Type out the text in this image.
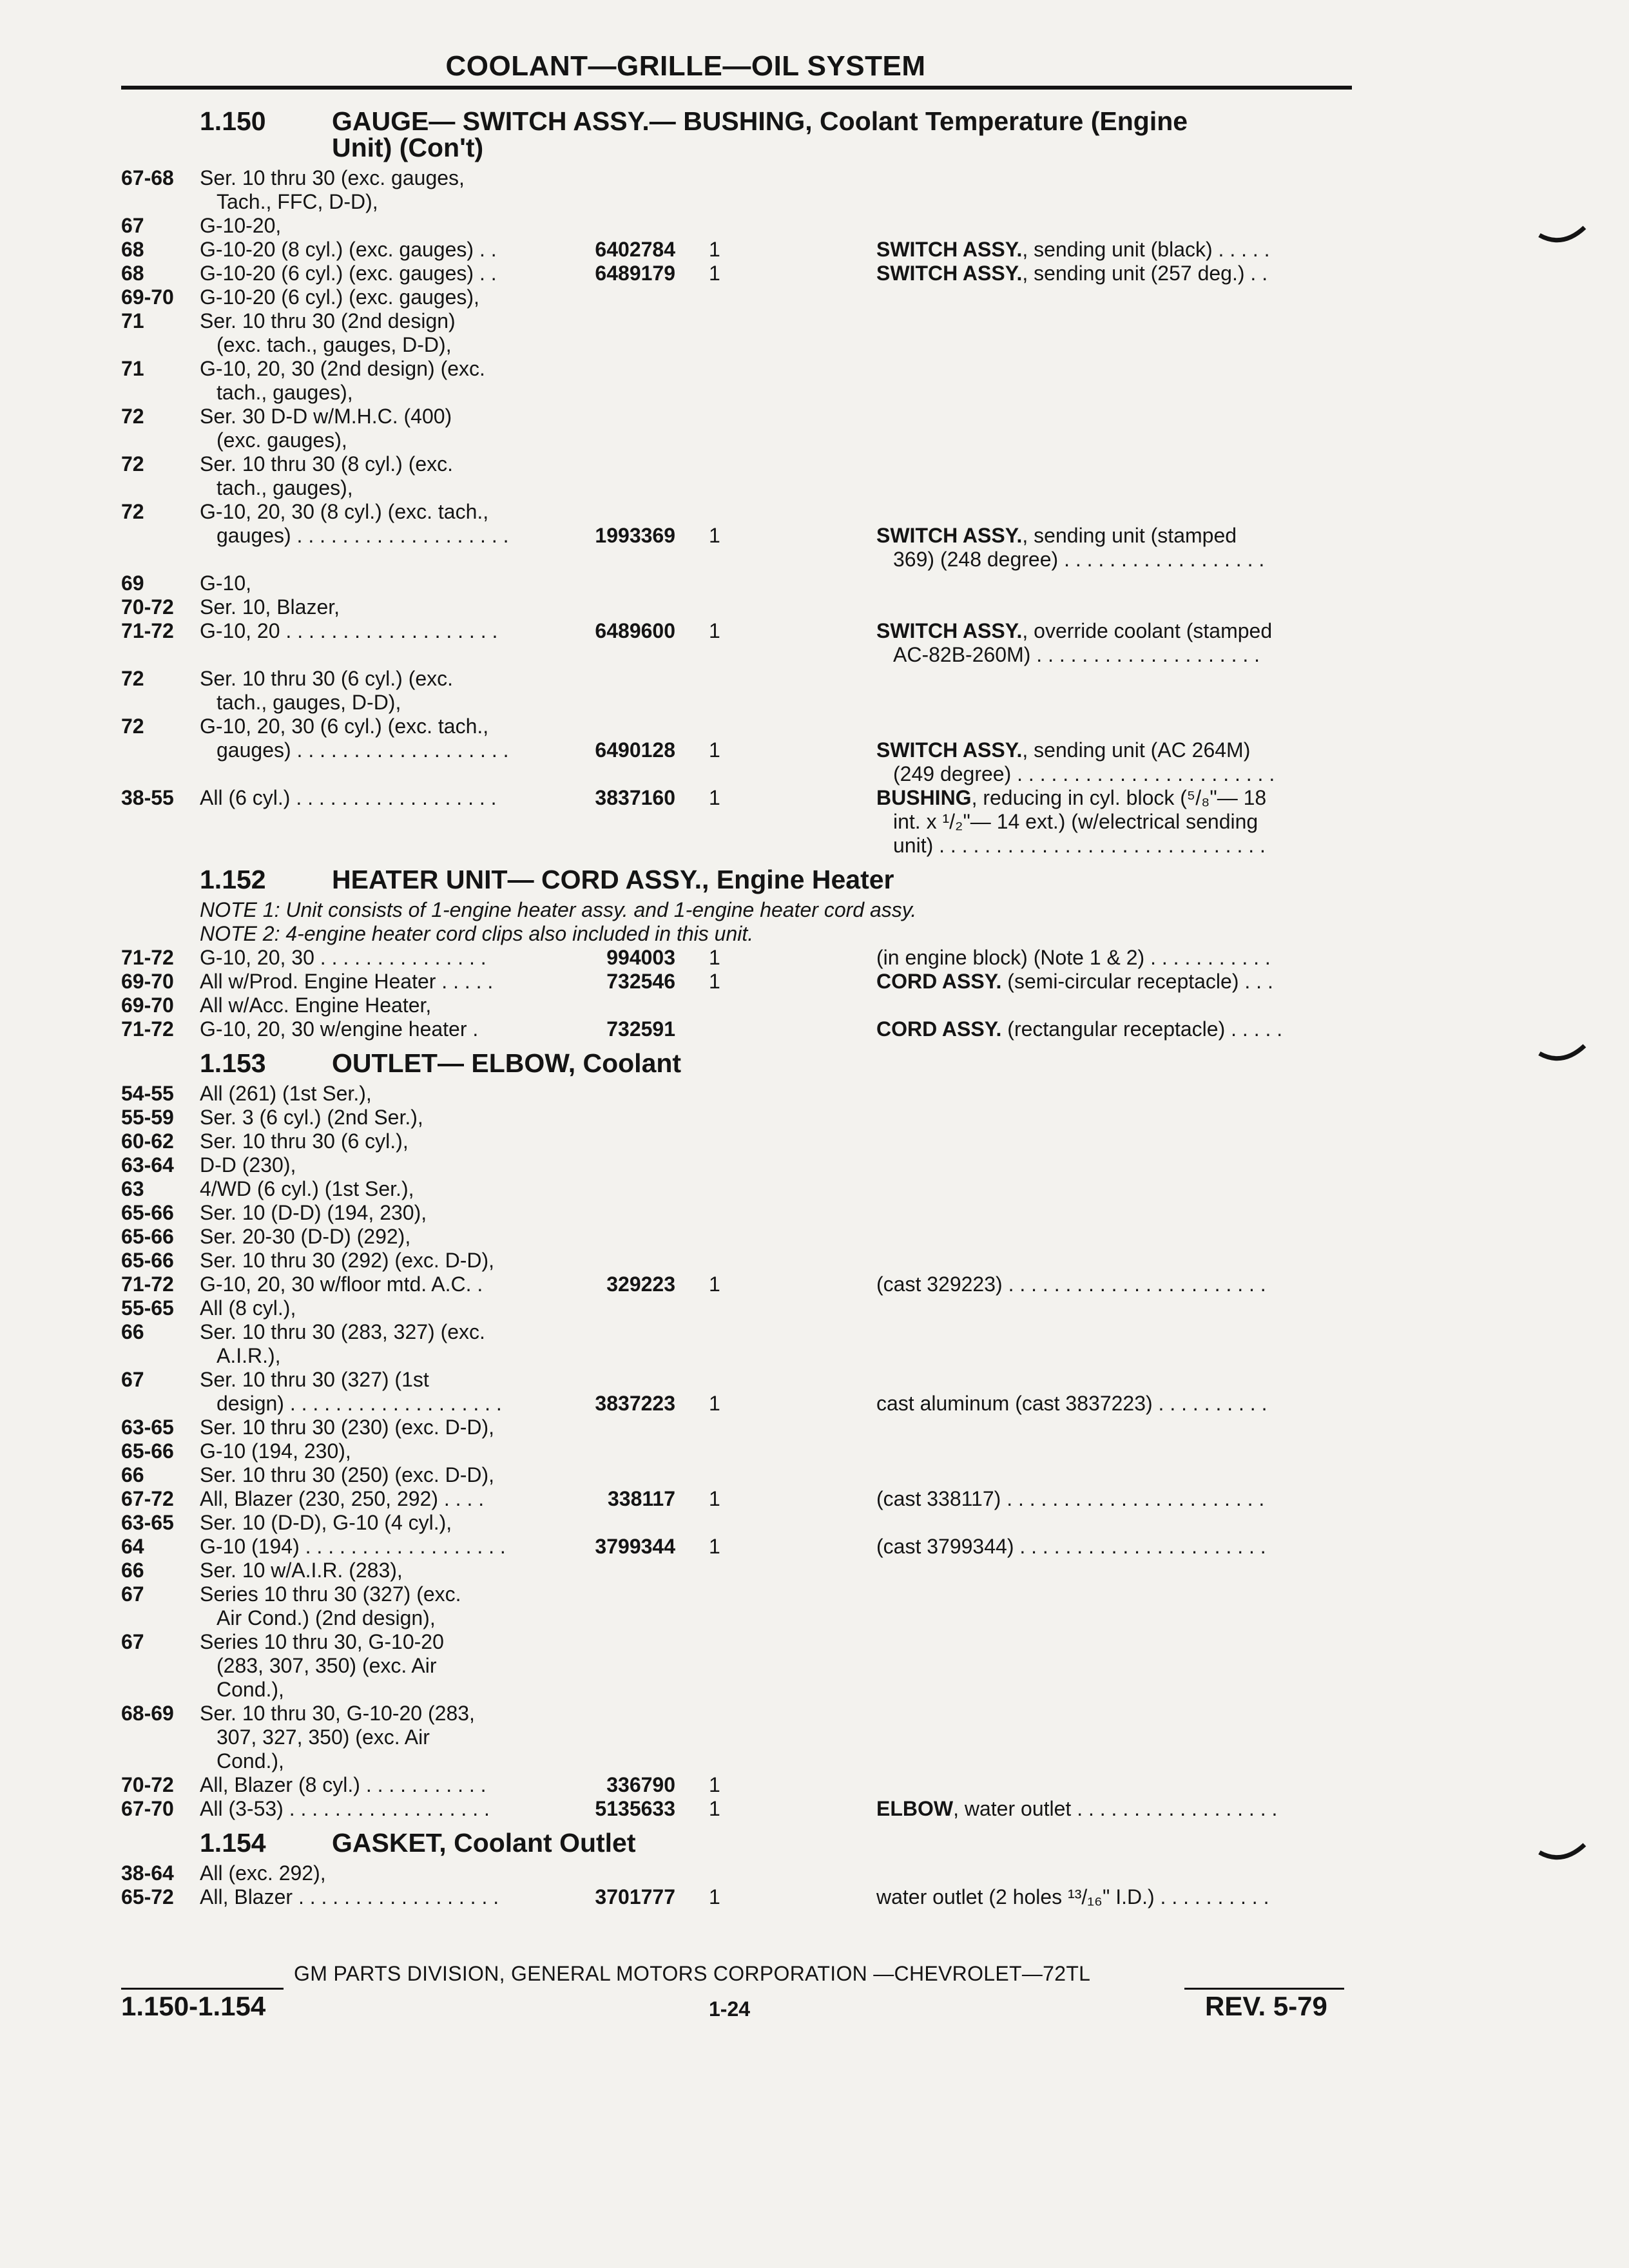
COOLANT—GRILLE—OIL SYSTEM
1.150 GAUGE— SWITCH ASSY.— BUSHING, Coolant Temperature (Engine
Unit) (Con't)
67-68 Ser. 10 thru 30 (exc. gauges,
Tach., FFC, D-D),
67	G-10-20,
68	G-10-20 (8 cyl.) (exc. gauges) . .	6402784 1	SWITCH ASSY., sending unit (black) . . . . .
68	G-10-20 (6 cyl.) (exc. gauges) . .	6489179 1	SWITCH ASSY., sending unit (257 deg.) . .
69-70 G-10-20 (6 cyl.) (exc. gauges),
71	Ser. 10 thru 30 (2nd design)
(exc. tach., gauges, D-D),
71	G-10, 20, 30 (2nd design) (exc.
tach., gauges),
72	Ser. 30 D-D w/M.H.C. (400)
(exc. gauges),
72	Ser. 10 thru 30 (8 cyl.) (exc.
tach., gauges),
72	G-10, 20, 30 (8 cyl.) (exc. tach.,
gauges) . . . . . . . . . . . . . . . . . . .	1993369 1	SWITCH ASSY., sending unit (stamped
369) (248 degree) . . . . . . . . . . . . . . . . . .
69	G-10,
70-72 Ser. 10, Blazer,
71-72 G-10, 20 . . . . . . . . . . . . . . . . . . .	6489600 1	SWITCH ASSY., override coolant (stamped
AC-82B-260M) . . . . . . . . . . . . . . . . . . . .
72	Ser. 10 thru 30 (6 cyl.) (exc.
tach., gauges, D-D),
72	G-10, 20, 30 (6 cyl.) (exc. tach.,
gauges) . . . . . . . . . . . . . . . . . . .	6490128 1	SWITCH ASSY., sending unit (AC 264M)
(249 degree) . . . . . . . . . . . . . . . . . . . . . . .
38-55 All (6 cyl.) . . . . . . . . . . . . . . . . . .	3837160 1	BUSHING, reducing in cyl. block (⁵/₈"— 18
int. x ¹/₂"— 14 ext.) (w/electrical sending
unit) . . . . . . . . . . . . . . . . . . . . . . . . . . . . .
1.152 HEATER UNIT— CORD ASSY., Engine Heater
NOTE 1: Unit consists of 1-engine heater assy. and 1-engine heater cord assy.
NOTE 2: 4-engine heater cord clips also included in this unit.
71-72 G-10, 20, 30 . . . . . . . . . . . . . . .	994003 1	(in engine block) (Note 1 & 2) . . . . . . . . . . .
69-70 All w/Prod. Engine Heater . . . . .	732546 1	CORD ASSY. (semi-circular receptacle) . . .
69-70 All w/Acc. Engine Heater,
71-72 G-10, 20, 30 w/engine heater .	732591	CORD ASSY. (rectangular receptacle) . . . . .
1.153 OUTLET— ELBOW, Coolant
54-55 All (261) (1st Ser.),
55-59 Ser. 3 (6 cyl.) (2nd Ser.),
60-62 Ser. 10 thru 30 (6 cyl.),
63-64 D-D (230),
63	4/WD (6 cyl.) (1st Ser.),
65-66 Ser. 10 (D-D) (194, 230),
65-66 Ser. 20-30 (D-D) (292),
65-66 Ser. 10 thru 30 (292) (exc. D-D),
71-72 G-10, 20, 30 w/floor mtd. A.C. .	329223 1	(cast 329223) . . . . . . . . . . . . . . . . . . . . . . .
55-65 All (8 cyl.),
66	Ser. 10 thru 30 (283, 327) (exc.
A.I.R.),
67	Ser. 10 thru 30 (327) (1st
design) . . . . . . . . . . . . . . . . . . .	3837223 1	cast aluminum (cast 3837223) . . . . . . . . . .
63-65 Ser. 10 thru 30 (230) (exc. D-D),
65-66 G-10 (194, 230),
66	Ser. 10 thru 30 (250) (exc. D-D),
67-72 All, Blazer (230, 250, 292) . . . .	338117 1	(cast 338117) . . . . . . . . . . . . . . . . . . . . . . .
63-65 Ser. 10 (D-D), G-10 (4 cyl.),
64	G-10 (194) . . . . . . . . . . . . . . . . . .	3799344 1	(cast 3799344) . . . . . . . . . . . . . . . . . . . . . .
66	Ser. 10 w/A.I.R. (283),
67	Series 10 thru 30 (327) (exc.
Air Cond.) (2nd design),
67	Series 10 thru 30, G-10-20
(283, 307, 350) (exc. Air
Cond.),
68-69 Ser. 10 thru 30, G-10-20 (283,
307, 327, 350) (exc. Air
Cond.),
70-72 All, Blazer (8 cyl.) . . . . . . . . . . .	336790 1
67-70 All (3-53) . . . . . . . . . . . . . . . . . .	5135633 1	ELBOW, water outlet . . . . . . . . . . . . . . . . . .
1.154 GASKET, Coolant Outlet
38-64 All (exc. 292),
65-72 All, Blazer . . . . . . . . . . . . . . . . . .	3701777 1	water outlet (2 holes ¹³/₁₆" I.D.) . . . . . . . . . .
GM PARTS DIVISION, GENERAL MOTORS CORPORATION —CHEVROLET—72TL
1.150-1.154	1-24	REV. 5-79
